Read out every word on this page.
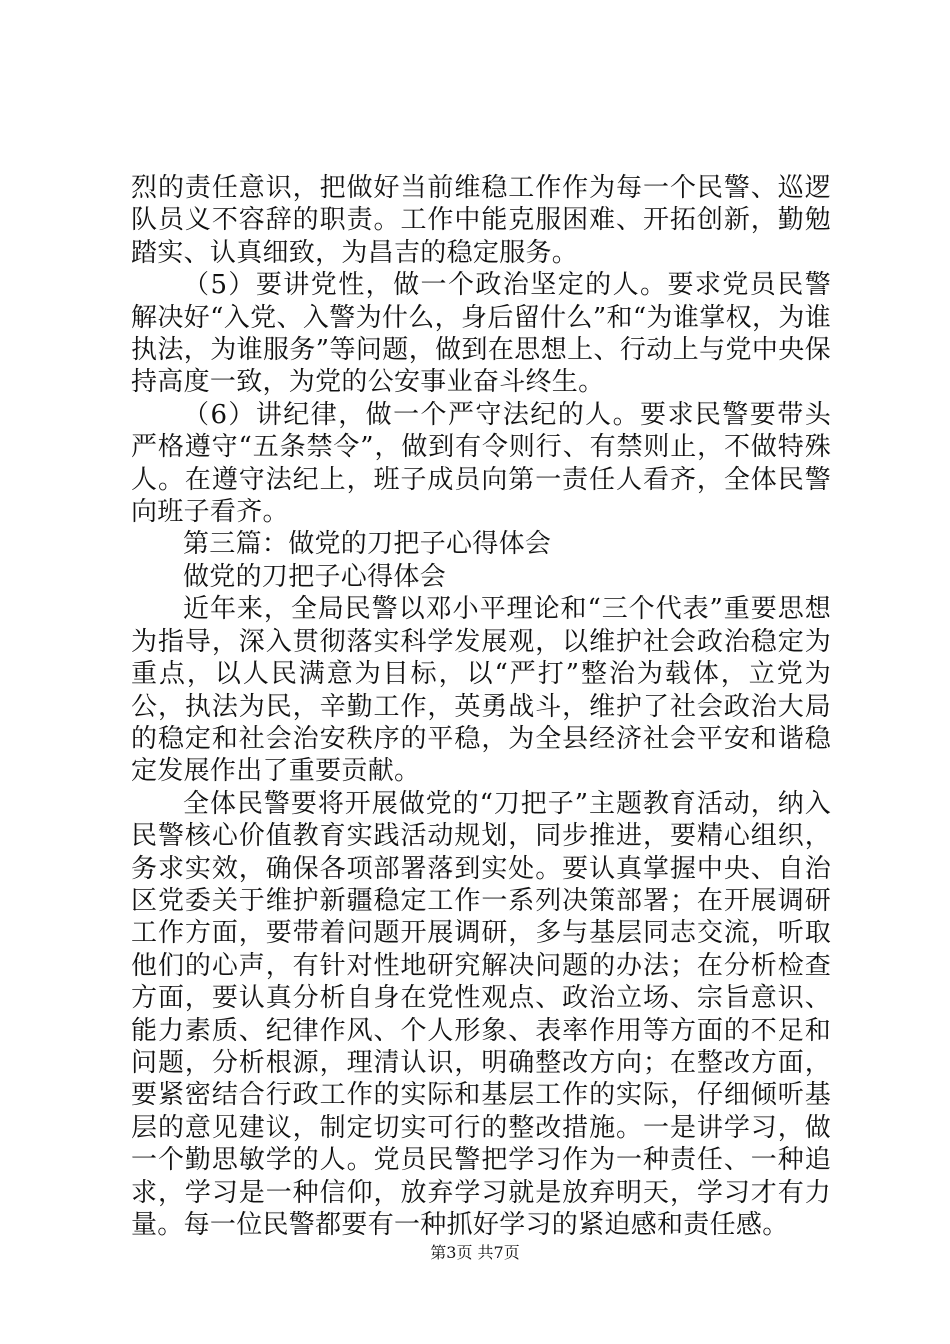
烈的责任意识，把做好当前维稳工作作为每一个民警、巡逻队员义不容辞的职责。工作中能克服困难、开拓创新，勤勉踏实、认真细致，为昌吉的稳定服务。

（5）要讲党性，做一个政治坚定的人。要求党员民警解决好“入党、入警为什么，身后留什么”和“为谁掌权，为谁执法，为谁服务”等问题，做到在思想上、行动上与党中央保持高度一致，为党的公安事业奋斗终生。

（6）讲纪律，做一个严守法纪的人。要求民警要带头严格遵守“五条禁令”，做到有令则行、有禁则止，不做特殊人。在遵守法纪上，班子成员向第一责任人看齐，全体民警向班子看齐。

第三篇：做党的刀把子心得体会

做党的刀把子心得体会

近年来，全局民警以邓小平理论和“三个代表”重要思想为指导，深入贯彻落实科学发展观，以维护社会政治稳定为重点，以人民满意为目标，以“严打”整治为载体，立党为公，执法为民，辛勤工作，英勇战斗，维护了社会政治大局的稳定和社会治安秩序的平稳，为全县经济社会平安和谐稳定发展作出了重要贡献。

全体民警要将开展做党的“刀把子”主题教育活动，纳入民警核心价值教育实践活动规划，同步推进，要精心组织，务求实效，确保各项部署落到实处。要认真掌握中央、自治区党委关于维护新疆稳定工作一系列决策部署；在开展调研工作方面，要带着问题开展调研，多与基层同志交流，听取他们的心声，有针对性地研究解决问题的办法；在分析检查方面，要认真分析自身在党性观点、政治立场、宗旨意识、能力素质、纪律作风、个人形象、表率作用等方面的不足和问题，分析根源，理清认识，明确整改方向；在整改方面，要紧密结合行政工作的实际和基层工作的实际，仔细倾听基层的意见建议，制定切实可行的整改措施。一是讲学习，做一个勤思敏学的人。党员民警把学习作为一种责任、一种追求，学习是一种信仰，放弃学习就是放弃明天，学习才有力量。每一位民警都要有一种抓好学习的紧迫感和责任感。

第3页 共7页
